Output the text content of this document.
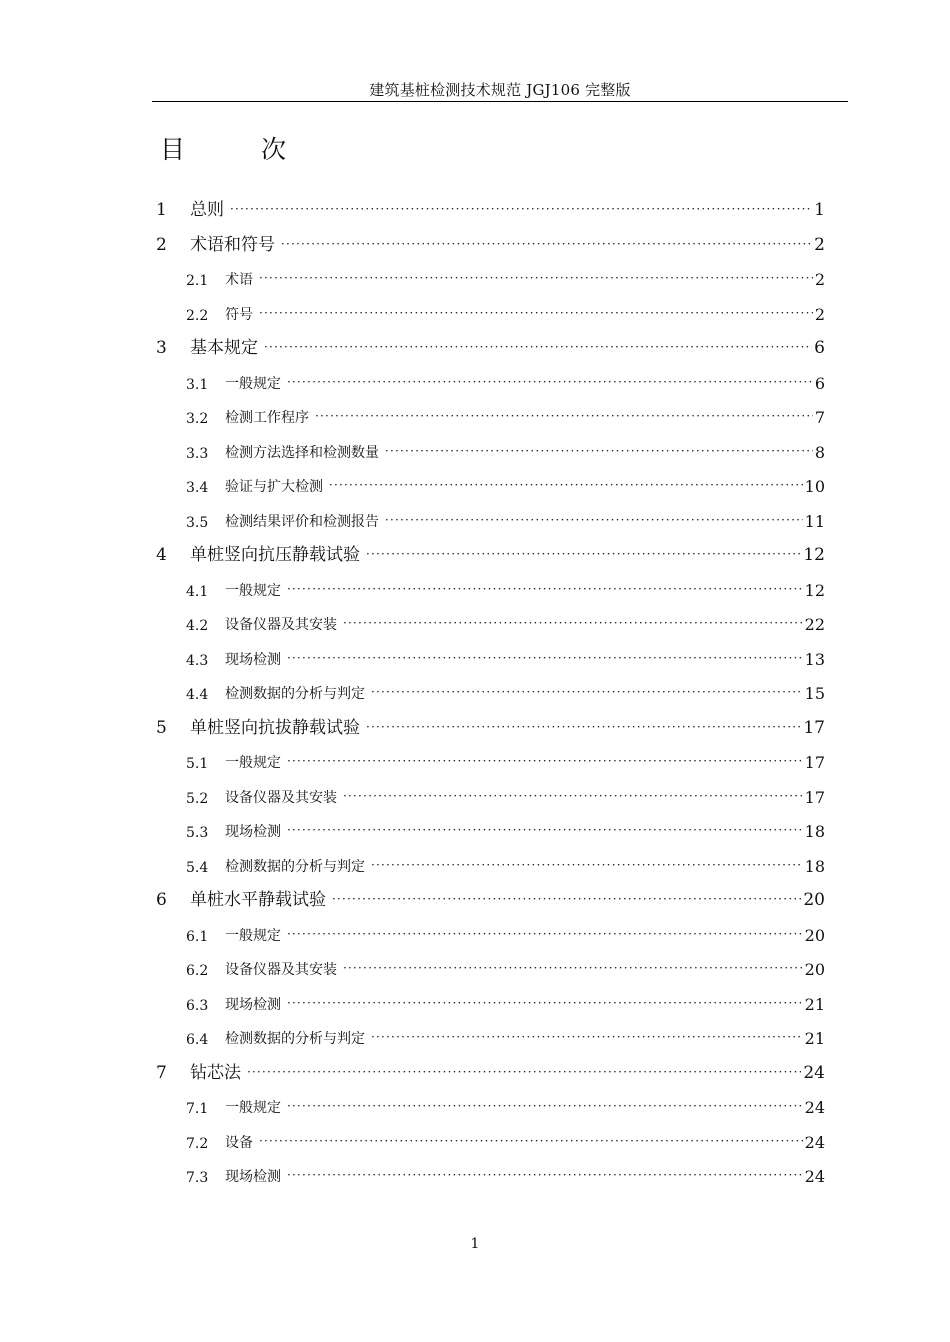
建筑基桩检测技术规范 JGJ106 完整版
目 次
1	总则 ·····	1
2	术语和符号 ·····	2
2.1	术语 ·····	2
2.2	符号 ·····	2
3	基本规定 ·····	6
3.1	一般规定 ·····	6
3.2	检测工作程序 ·····	7
3.3	检测方法选择和检测数量 ·····	8
3.4	验证与扩大检测 ·····	10
3.5	检测结果评价和检测报告 ·····	11
4	单桩竖向抗压静载试验 ·····	12
4.1	一般规定 ·····	12
4.2	设备仪器及其安装 ·····	22
4.3	现场检测 ·····	13
4.4	检测数据的分析与判定 ·····	15
5	单桩竖向抗拔静载试验 ·····	17
5.1	一般规定 ·····	17
5.2	设备仪器及其安装 ·····	17
5.3	现场检测 ·····	18
5.4	检测数据的分析与判定 ·····	18
6	单桩水平静载试验 ·····	20
6.1	一般规定 ·····	20
6.2	设备仪器及其安装 ·····	20
6.3	现场检测 ·····	21
6.4	检测数据的分析与判定 ·····	21
7	钻芯法 ·····	24
7.1	一般规定 ·····	24
7.2	设备 ·····	24
7.3	现场检测 ·····	24
1
